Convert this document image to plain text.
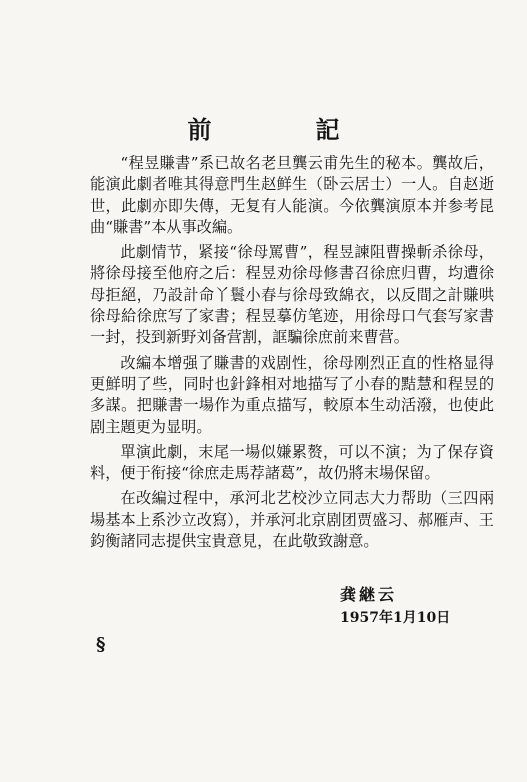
前　記

“程昱賺書”系已故名老旦龔云甫先生的秘本。龔故后，能演此劇者唯其得意門生赵鲜生（卧云居士）一人。自赵逝世，此劇亦即失傳，无复有人能演。今依龔演原本并参考昆曲“賺書”本从事改編。

此劇情节，紧接“徐母罵曹”，程昱諫阻曹操斬杀徐母，將徐母接至他府之后：程昱劝徐母修書召徐庶归曹，均遭徐母拒絕，乃設計命丫鬟小春与徐母致綿衣，以反間之計賺哄徐母給徐庶写了家書；程昱摹仿笔迹，用徐母口气套写家書一封，投到新野刘备营割，誆騙徐庶前来曹营。

改編本增强了賺書的戏剧性，徐母刚烈正直的性格显得更鮮明了些，同时也針鋒相对地描写了小春的黠慧和程昱的多謀。把賺書一場作为重点描写，較原本生动活潑，也使此剧主題更为显明。

單演此劇，末尾一場似嫌累赘，可以不演；为了保存資料，便于衔接“徐庶走馬荐諸葛”，故仍將末場保留。

在改編过程中，承河北艺校沙立同志大力帮助（三四兩場基本上系沙立改寫），并承河北京剧团贾盛习、郝雁声、王鈞衡諸同志提供宝貴意見，在此敬致謝意。

龚継云
1957年1月10日
§
